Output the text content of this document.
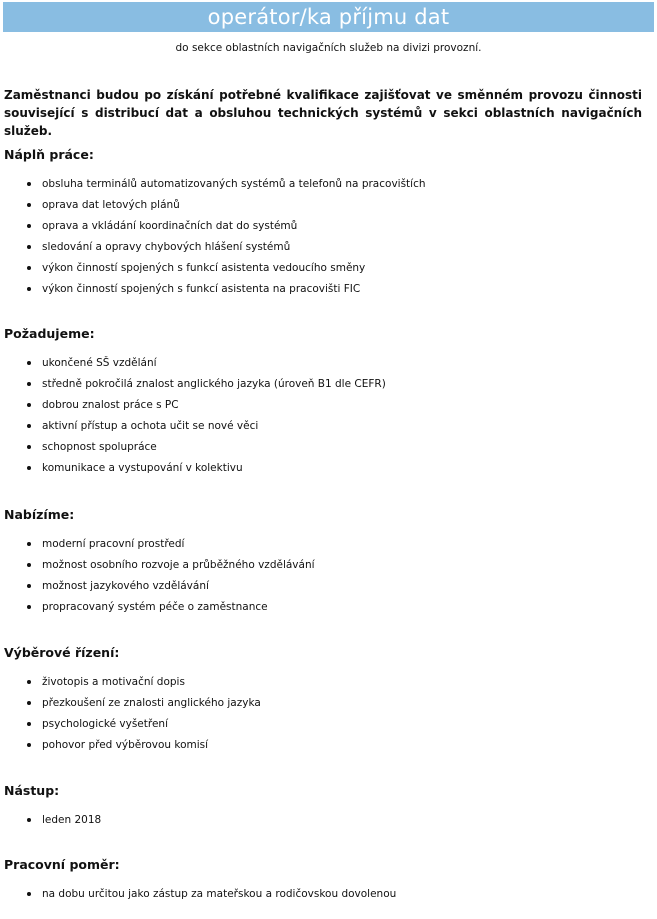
operátor/ka příjmu dat
do sekce oblastních navigačních služeb na divizi provozní.
Zaměstnanci budou po získání potřebné kvalifikace zajišťovat ve směnném provozu činnosti související s distribucí dat a obsluhou technických systémů v sekci oblastních navigačních služeb.
Náplň práce:
obsluha terminálů automatizovaných systémů a telefonů na pracovištích
oprava dat letových plánů
oprava a vkládání koordinačních dat do systémů
sledování a opravy chybových hlášení systémů
výkon činností spojených s funkcí asistenta vedoucího směny
výkon činností spojených s funkcí asistenta na pracovišti FIC
Požadujeme:
ukončené SŠ vzdělání
středně pokročilá znalost anglického jazyka (úroveň B1 dle CEFR)
dobrou znalost práce s PC
aktivní přístup a ochota učit se nové věci
schopnost spolupráce
komunikace a vystupování v kolektivu
Nabízíme:
moderní pracovní prostředí
možnost osobního rozvoje a průběžného vzdělávání
možnost jazykového vzdělávání
propracovaný systém péče o zaměstnance
Výběrové řízení:
životopis a motivační dopis
přezkoušení ze znalosti anglického jazyka
psychologické vyšetření
pohovor před výběrovou komisí
Nástup:
leden 2018
Pracovní poměr:
na dobu určitou jako zástup za mateřskou a rodičovskou dovolenou
